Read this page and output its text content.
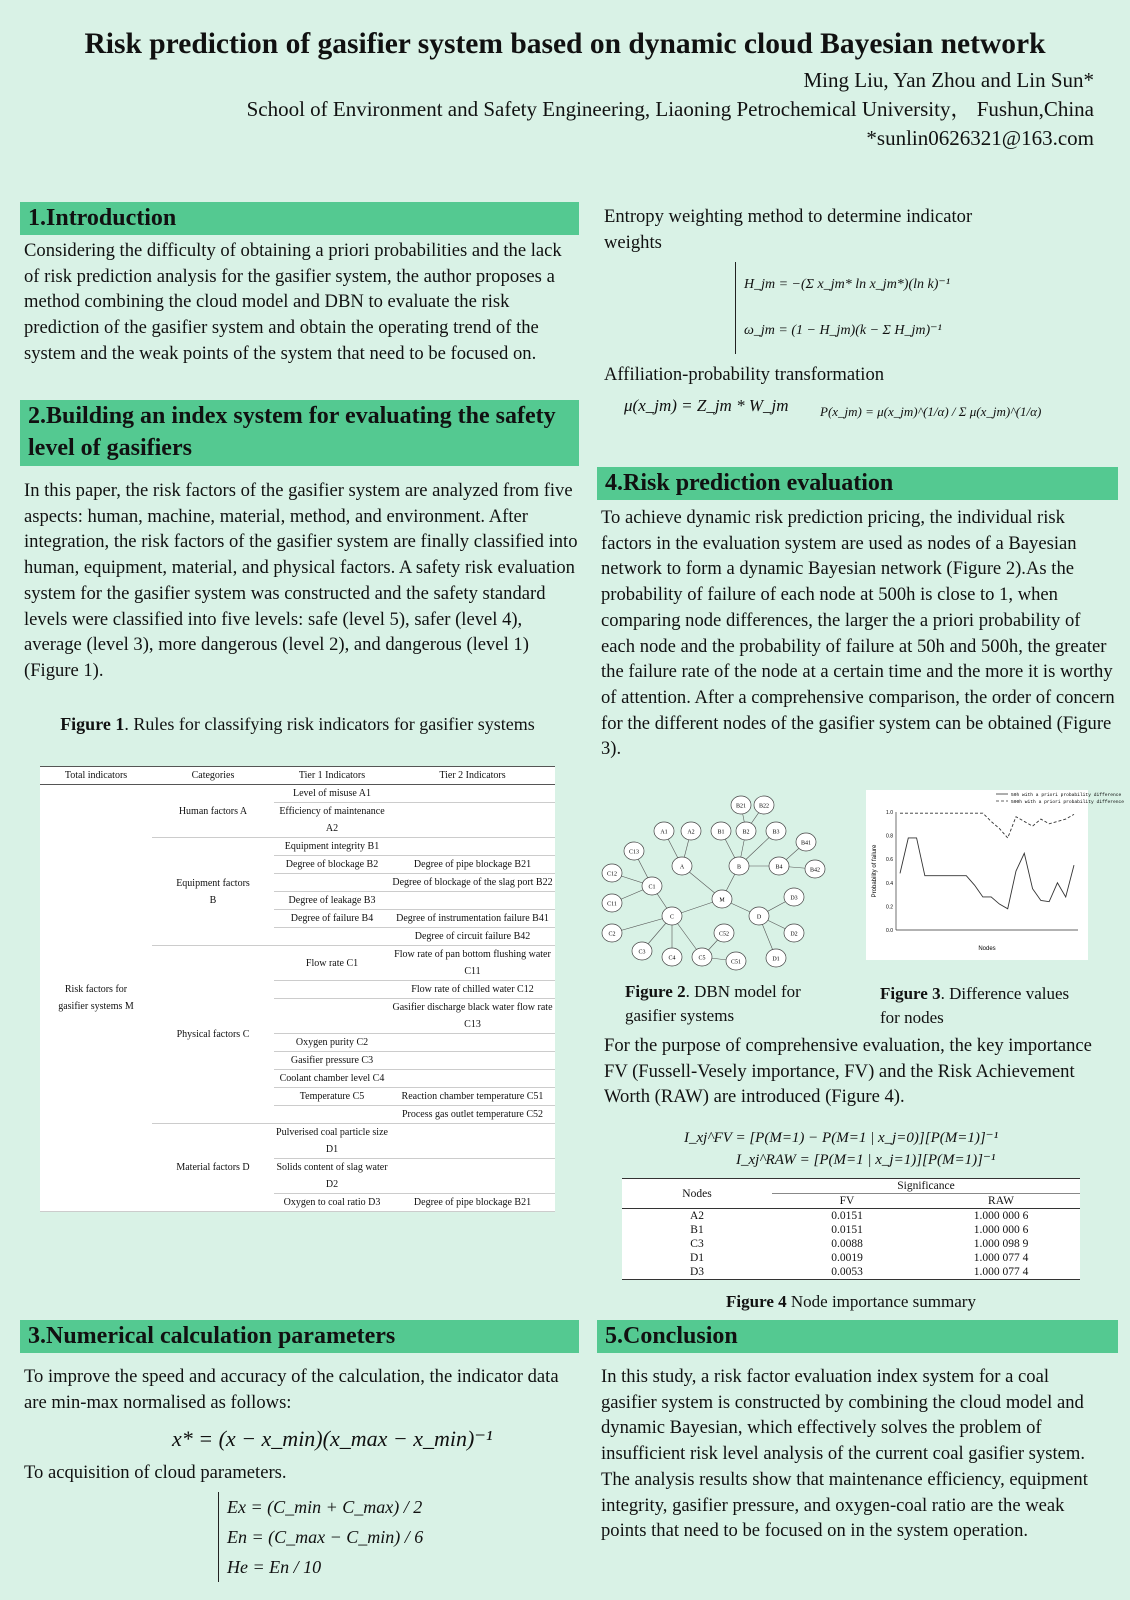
Risk prediction of gasifier system based on dynamic cloud Bayesian network
Ming Liu, Yan Zhou and Lin Sun*
School of Environment and Safety Engineering, Liaoning Petrochemical University， Fushun,China
*sunlin0626321@163.com
1.Introduction
Considering the difficulty of obtaining a priori probabilities and the lack of risk prediction analysis for the gasifier system, the author proposes a method combining the cloud model and DBN to evaluate the risk prediction of the gasifier system and obtain the operating trend of the system and the weak points of the system that need to be focused on.
2.Building an index system for evaluating the safety level of gasifiers
In this paper, the risk factors of the gasifier system are analyzed from five aspects: human, machine, material, method, and environment. After integration, the risk factors of the gasifier system are finally classified into human, equipment, material, and physical factors. A safety risk evaluation system for the gasifier system was constructed and the safety standard levels were classified into five levels: safe (level 5), safer (level 4), average (level 3), more dangerous (level 2), and dangerous (level 1) (Figure 1).
Figure 1. Rules for classifying risk indicators for gasifier systems
Total indicators	Categories	Tier 1 Indicators	Tier 2 Indicators
Risk factors for gasifier systems M	Human factors A	Level of misuse A1	
		Efficiency of maintenance A2	
	Equipment factors B	Equipment integrity B1	
		Degree of blockage B2	Degree of pipe blockage B21
			Degree of blockage of the slag port B22
		Degree of leakage B3	
		Degree of failure B4	Degree of instrumentation failure B41
			Degree of circuit failure B42
	Physical factors C	Flow rate C1	Flow rate of pan bottom flushing water C11
			Flow rate of chilled water C12
			Gasifier discharge black water flow rate C13
		Oxygen purity C2	
		Gasifier pressure C3	
		Coolant chamber level C4	
		Temperature C5	Reaction chamber temperature C51
			Process gas outlet temperature C52
	Material factors D	Pulverised coal particle size D1	
		Solids content of slag water D2	
		Oxygen to coal ratio D3	Degree of pipe blockage B21
3.Numerical calculation parameters
To improve the speed and accuracy of the calculation, the indicator data are min-max normalised as follows:
x* = (x − x_min)(x_max − x_min)⁻¹
To acquisition of cloud parameters.
Ex = (C_min + C_max) / 2
En = (C_max − C_min) / 6
He = En / 10
Entropy weighting method to determine indicator weights
H_jm = −(Σ x_jm* ln x_jm*)(ln k)⁻¹
ω_jm = (1 − H_jm)(k − Σ H_jm)⁻¹
Affiliation-probability transformation
μ(x_jm) = Z_jm * W_jm P(x_jm) = μ(x_jm)^(1/α) / Σ μ(x_jm)^(1/α)
4.Risk prediction evaluation
To achieve dynamic risk prediction pricing, the individual risk factors in the evaluation system are used as nodes of a Bayesian network to form a dynamic Bayesian network (Figure 2).As the probability of failure of each node at 500h is close to 1, when comparing node differences, the larger the a priori probability of each node and the probability of failure at 50h and 500h, the greater the failure rate of the node at a certain time and the more it is worthy of attention. After a comprehensive comparison, the order of concern for the different nodes of the gasifier system can be obtained (Figure 3).
B21 B22
A1	A2	B1	B2	B3
B41
C13
C12
C1
A	B	B4	B42
M
C11
C
D3
D
C2	C52	D2
C3
C4	C5
C51	D1
0.0
0.2
0.4
0.6
0.8
1.0
Probability of failure
Nodes
50h with a priori probability difference
500h with a priori probability difference
Figure 2. DBN model for gasifier systems
Figure 3. Difference values for nodes
For the purpose of comprehensive evaluation, the key importance FV (Fussell-Vesely importance, FV) and the Risk Achievement Worth (RAW) are introduced (Figure 4).
I_xj^FV = [P(M=1) − P(M=1 | x_j=0)][P(M=1)]⁻¹
I_xj^RAW = [P(M=1 | x_j=1)][P(M=1)]⁻¹
Nodes	Significance	
	FV	RAW
A2	0.0151	1.000 000 6
B1	0.0151	1.000 000 6
C3	0.0088	1.000 098 9
D1	0.0019	1.000 077 4
D3	0.0053	1.000 077 4
Figure 4 Node importance summary
5.Conclusion
In this study, a risk factor evaluation index system for a coal gasifier system is constructed by combining the cloud model and dynamic Bayesian, which effectively solves the problem of insufficient risk level analysis of the current coal gasifier system. The analysis results show that maintenance efficiency, equipment integrity, gasifier pressure, and oxygen-coal ratio are the weak points that need to be focused on in the system operation.
